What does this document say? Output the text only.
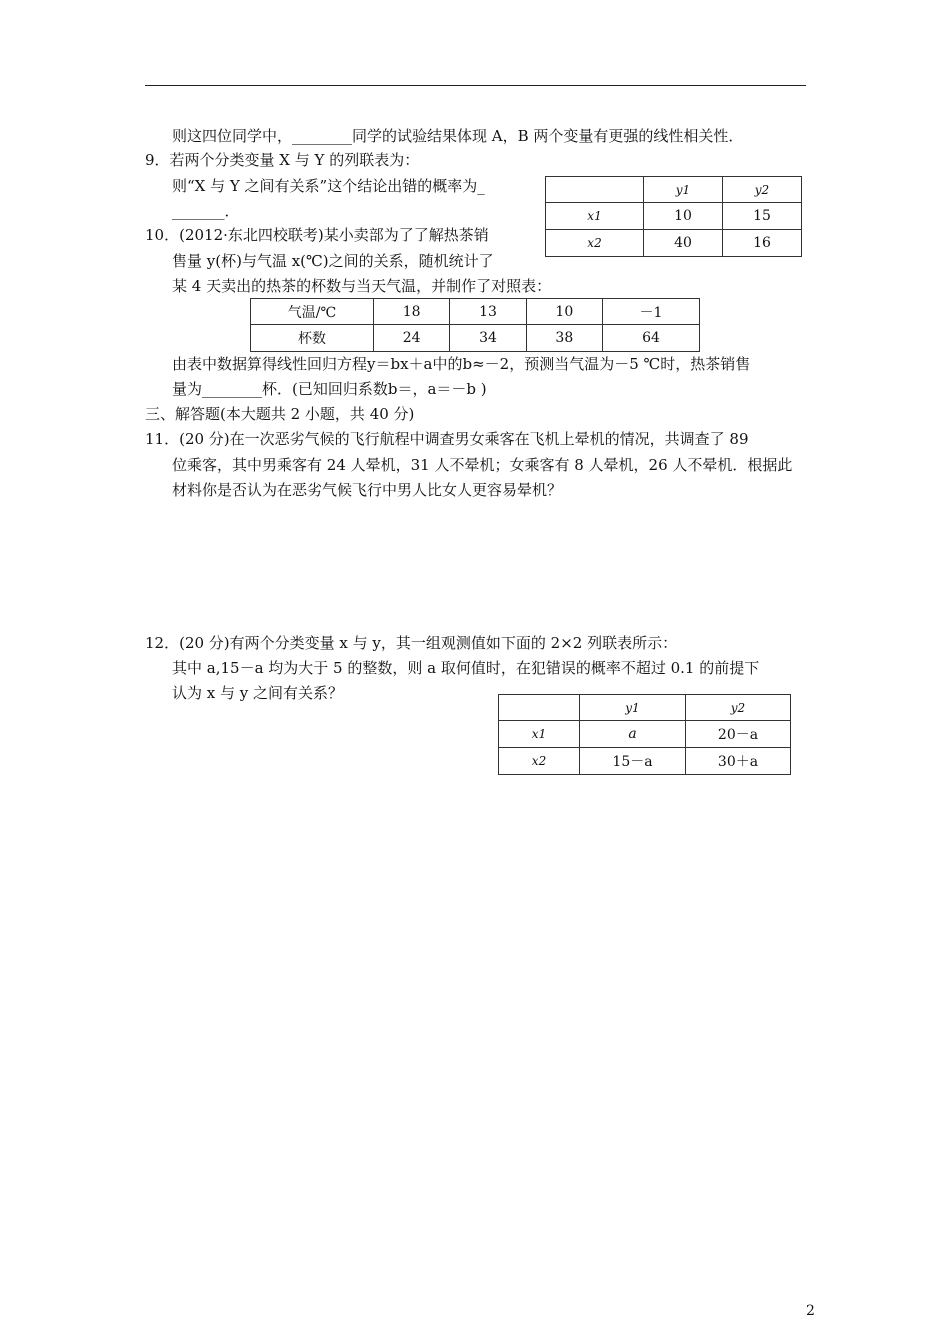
则这四位同学中，________同学的试验结果体现 A，B 两个变量有更强的线性相关性．
9．若两个分类变量 X 与 Y 的列联表为：
则“X 与 Y 之间有关系”这个结论出错的概率为_
_______．
	y1	y2
x1	10	15
x2	40	16
10．(2012·东北四校联考)某小卖部为了了解热茶销
售量 y(杯)与气温 x(℃)之间的关系，随机统计了
某 4 天卖出的热茶的杯数与当天气温，并制作了对照表：
气温/℃	18	13	10	－1
杯数	24	34	38	64
由表中数据算得线性回归方程y＝bx＋a中的b≈－2，预测当气温为－5 ℃时，热茶销售
量为________杯．(已知回归系数b＝，a＝－b )
三、解答题(本大题共 2 小题，共 40 分)
11．(20 分)在一次恶劣气候的飞行航程中调查男女乘客在飞机上晕机的情况，共调查了 89
位乘客，其中男乘客有 24 人晕机，31 人不晕机；女乘客有 8 人晕机，26 人不晕机．根据此
材料你是否认为在恶劣气候飞行中男人比女人更容易晕机？
12．(20 分)有两个分类变量 x 与 y，其一组观测值如下面的 2×2 列联表所示：
其中 a,15－a 均为大于 5 的整数，则 a 取何值时，在犯错误的概率不超过 0.1 的前提下
认为 x 与 y 之间有关系？
	y1	y2
x1	a	20－a
x2	15－a	30＋a
2
